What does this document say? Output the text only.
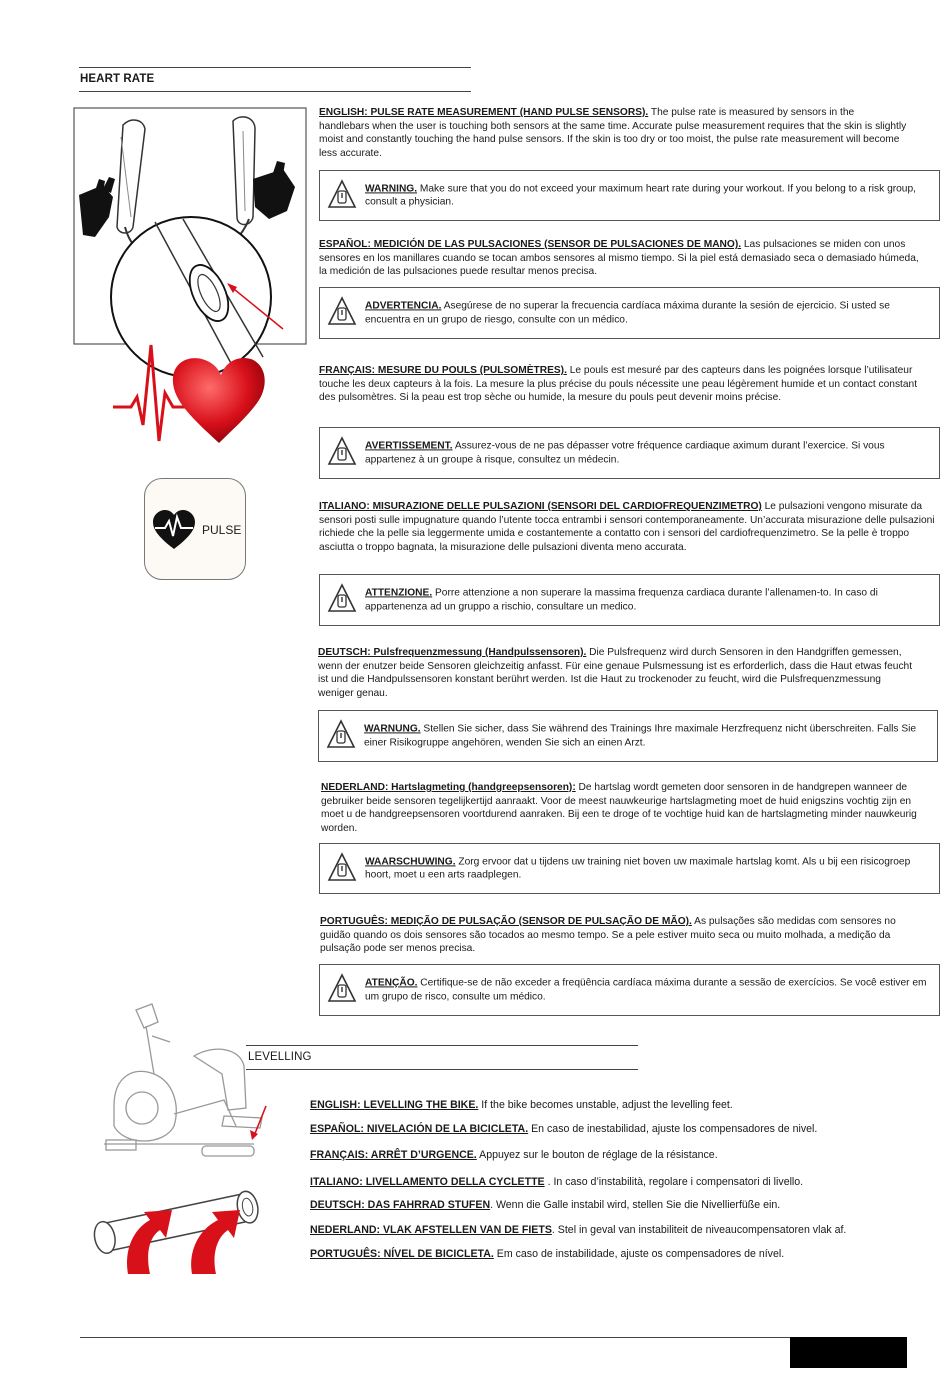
HEART RATE
PULSE
ENGLISH: PULSE RATE MEASUREMENT (HAND PULSE SENSORS). The pulse rate is measured by sensors in the handlebars when the user is touching both sensors at the same time. Accurate pulse measurement requires that the skin is slightly moist and constantly touching the hand pulse sensors. If the skin is too dry or too moist, the pulse rate measurement will become less accurate.
WARNING. Make sure that you do not exceed your maximum heart rate during your workout. If you belong to a risk group, consult a physician.
ESPAÑOL: MEDICIÓN DE LAS PULSACIONES (SENSOR DE PULSACIONES DE MANO). Las pulsaciones se miden con unos sensores en los manillares cuando se tocan ambos sensores al mismo tiempo. Si la piel está demasiado seca o demasiado húmeda, la medición de las pulsaciones puede resultar menos precisa.
ADVERTENCIA. Asegúrese de no superar la frecuencia cardíaca máxima durante la sesión de ejercicio. Si usted se encuentra en un grupo de riesgo, consulte con un médico.
FRANÇAIS: MESURE DU POULS (PULSOMÈTRES). Le pouls est mesuré par des capteurs dans les poignées lorsque l’utilisateur touche les deux capteurs à la fois. La mesure la plus précise du pouls nécessite une peau légèrement humide et un contact constant des pulsomètres. Si la peau est trop sèche ou humide, la mesure du pouls peut devenir moins précise.
AVERTISSEMENT. Assurez-vous de ne pas dépasser votre fréquence cardiaque aximum durant l’exercice. Si vous appartenez à un groupe à risque, consultez un médecin.
ITALIANO: MISURAZIONE DELLE PULSAZIONI (SENSORI DEL CARDIOFREQUENZIMETRO) Le pulsazioni vengono misurate da sensori posti sulle impugnature quando l’utente tocca entrambi i sensori contemporaneamente. Un’accurata misurazione delle pulsazioni richiede che la pelle sia leggermente umida e costantemente a contatto con i sensori del cardiofrequenzimetro. Se la pelle è troppo asciutta o troppo bagnata, la misurazione delle pulsazioni diventa meno accurata.
ATTENZIONE. Porre attenzione a non superare la massima frequenza cardiaca durante l’allenamen-to. In caso di appartenenza ad un gruppo a rischio, consultare un medico.
DEUTSCH: Pulsfrequenzmessung (Handpulssensoren). Die Pulsfrequenz wird durch Sensoren in den Handgriffen gemessen, wenn der enutzer beide Sensoren gleichzeitig anfasst. Für eine genaue Pulsmessung ist es erforderlich, dass die Haut etwas feucht ist und die Handpulssensoren konstant berührt werden. Ist die Haut zu trockenoder zu feucht, wird die Pulsfrequenzmessung weniger genau.
WARNUNG. Stellen Sie sicher, dass Sie während des Trainings Ihre maximale Herzfrequenz nicht überschreiten. Falls Sie einer Risikogruppe angehören, wenden Sie sich an einen Arzt.
NEDERLAND: Hartslagmeting (handgreepsensoren): De hartslag wordt gemeten door sensoren in de handgrepen wanneer de gebruiker beide sensoren tegelijkertijd aanraakt. Voor de meest nauwkeurige hartslagmeting moet de huid enigszins vochtig zijn en moet u de handgreepsensoren voortdurend aanraken. Bij een te droge of te vochtige huid kan de hartslagmeting minder nauwkeurig worden.
WAARSCHUWING. Zorg ervoor dat u tijdens uw training niet boven uw maximale hartslag komt. Als u bij een risicogroep hoort, moet u een arts raadplegen.
PORTUGUÊS: MEDIÇÃO DE PULSAÇÃO (SENSOR DE PULSAÇÃO DE MÃO). As pulsações são medidas com sensores no guidão quando os dois sensores são tocados ao mesmo tempo. Se a pele estiver muito seca ou muito molhada, a medição da pulsação pode ser menos precisa.
ATENÇÃO. Certifique-se de não exceder a freqüência cardíaca máxima durante a sessão de exercícios. Se você estiver em um grupo de risco, consulte um médico.
LEVELLING
ENGLISH: LEVELLING THE BIKE. If the bike becomes unstable, adjust the levelling feet.
ESPAÑOL: NIVELACIÓN DE LA BICICLETA. En caso de inestabilidad, ajuste los compensadores de nivel.
FRANÇAIS: ARRÊT D’URGENCE. Appuyez sur le bouton de réglage de la résistance.
ITALIANO: LIVELLAMENTO DELLA CYCLETTE . In caso d’instabilità, regolare i compensatori di livello.
DEUTSCH: DAS FAHRRAD STUFEN. Wenn die Galle instabil wird, stellen Sie die Nivellierfüße ein.
NEDERLAND: VLAK AFSTELLEN VAN DE FIETS. Stel in geval van instabiliteit de niveaucompensatoren vlak af.
PORTUGUÊS: NÍVEL DE BICICLETA. Em caso de instabilidade, ajuste os compensadores de nível.
